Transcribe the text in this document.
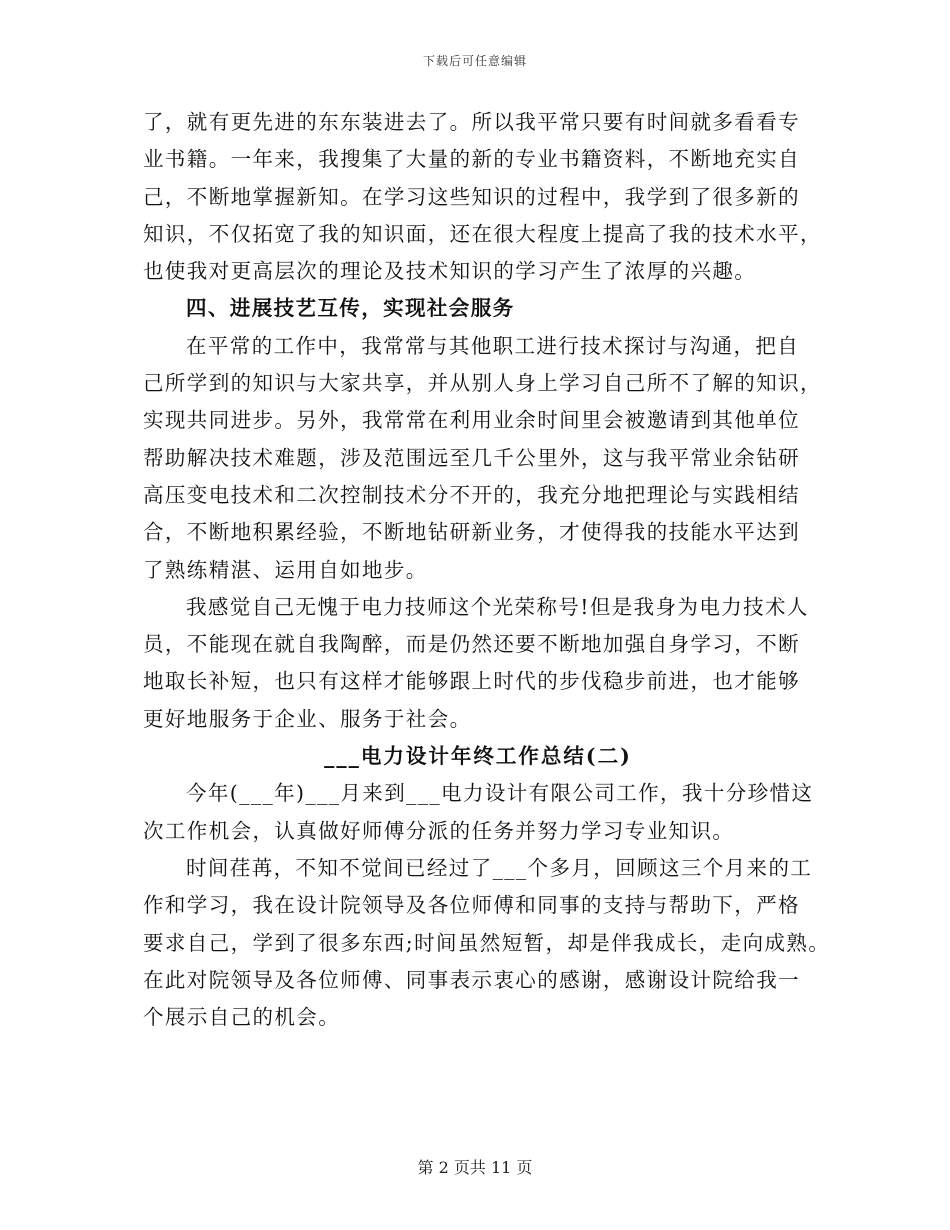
下载后可任意编辑
了，就有更先进的东东装进去了。所以我平常只要有时间就多看看专
业书籍。一年来，我搜集了大量的新的专业书籍资料，不断地充实自
己，不断地掌握新知。在学习这些知识的过程中，我学到了很多新的
知识，不仅拓宽了我的知识面，还在很大程度上提高了我的技术水平，
也使我对更高层次的理论及技术知识的学习产生了浓厚的兴趣。
四、进展技艺互传，实现社会服务
在平常的工作中，我常常与其他职工进行技术探讨与沟通，把自
己所学到的知识与大家共享，并从别人身上学习自己所不了解的知识，
实现共同进步。另外，我常常在利用业余时间里会被邀请到其他单位
帮助解决技术难题，涉及范围远至几千公里外，这与我平常业余钻研
高压变电技术和二次控制技术分不开的，我充分地把理论与实践相结
合，不断地积累经验，不断地钻研新业务，才使得我的技能水平达到
了熟练精湛、运用自如地步。
我感觉自己无愧于电力技师这个光荣称号!但是我身为电力技术人
员，不能现在就自我陶醉，而是仍然还要不断地加强自身学习，不断
地取长补短，也只有这样才能够跟上时代的步伐稳步前进，也才能够
更好地服务于企业、服务于社会。
___电力设计年终工作总结(二)
今年(___年)___月来到___电力设计有限公司工作，我十分珍惜这
次工作机会，认真做好师傅分派的任务并努力学习专业知识。
时间荏苒，不知不觉间已经过了___个多月，回顾这三个月来的工
作和学习，我在设计院领导及各位师傅和同事的支持与帮助下，严格
要求自己，学到了很多东西;时间虽然短暂，却是伴我成长，走向成熟。
在此对院领导及各位师傅、同事表示衷心的感谢，感谢设计院给我一
个展示自己的机会。
第 2 页共 11 页
